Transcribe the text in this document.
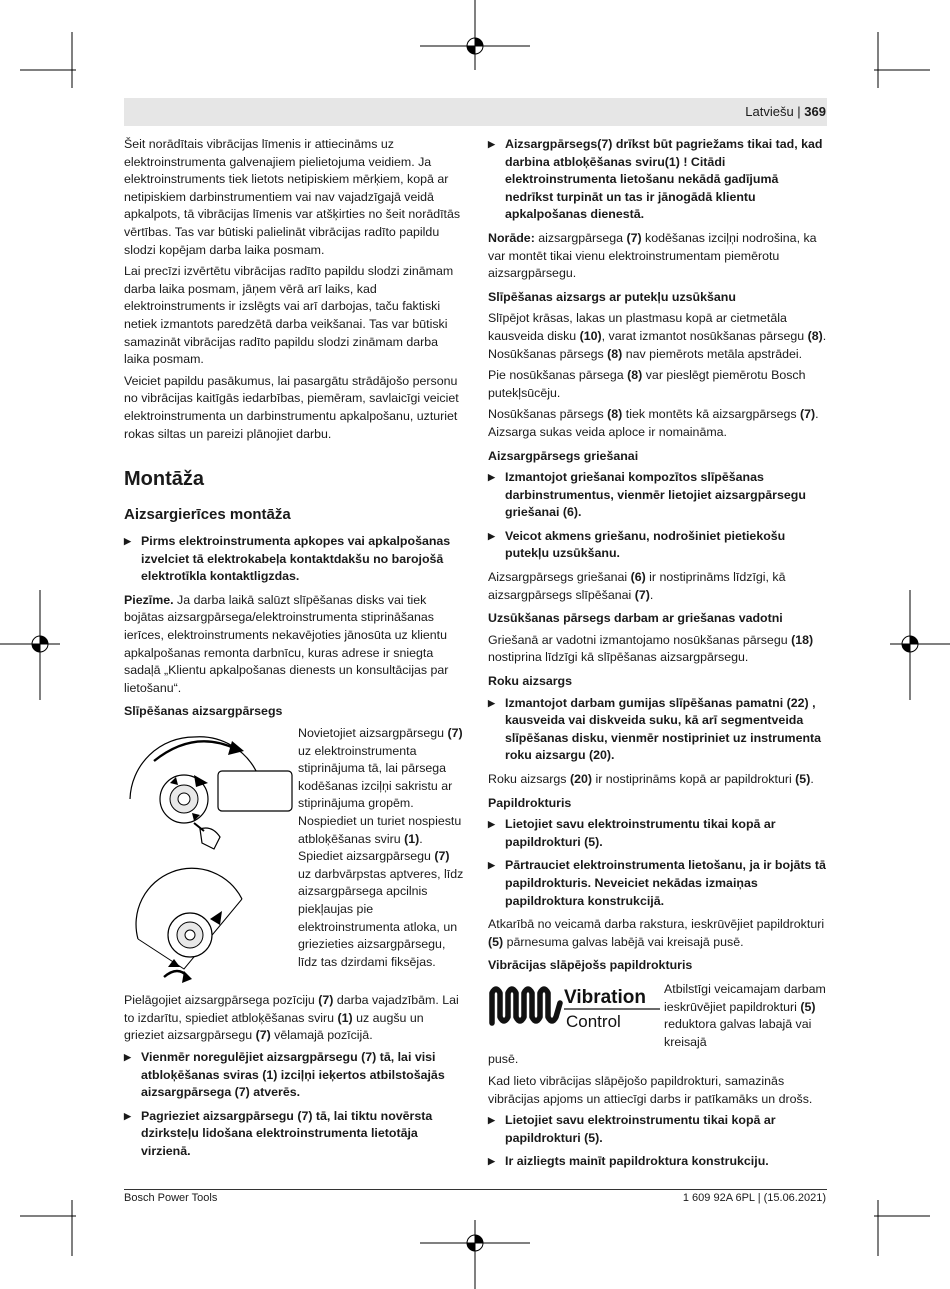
Latviešu | 369

Šeit norādītais vibrācijas līmenis ir attiecināms uz elektroinstrumenta galvenajiem pielietojuma veidiem. Ja elektroinstruments tiek lietots netipiskiem mērķiem, kopā ar netipiskiem darbinstrumentiem vai nav vajadzīgajā veidā apkalpots, tā vibrācijas līmenis var atšķirties no šeit norādītās vērtības. Tas var būtiski palielināt vibrācijas radīto papildu slodzi kopējam darba laika posmam.

Lai precīzi izvērtētu vibrācijas radīto papildu slodzi zināmam darba laika posmam, jāņem vērā arī laiks, kad elektroinstruments ir izslēgts vai arī darbojas, taču faktiski netiek izmantots paredzētā darba veikšanai. Tas var būtiski samazināt vibrācijas radīto papildu slodzi zināmam darba laika posmam.

Veiciet papildu pasākumus, lai pasargātu strādājošo personu no vibrācijas kaitīgās iedarbības, piemēram, savlaicīgi veiciet elektroinstrumenta un darbinstrumentu apkalpošanu, uzturiet rokas siltas un pareizi plānojiet darbu.

Montāža
Aizsargierīces montāža
▶ Pirms elektroinstrumenta apkopes vai apkalpošanas izvelciet tā elektrokabeļa kontaktdakšu no barojošā elektrotīkla kontaktligzdas.

Piezīme. Ja darba laikā salūzt slīpēšanas disks vai tiek bojātas aizsargpārsega/elektroinstrumenta stiprināšanas ierīces, elektroinstruments nekavējoties jānosūta uz klientu apkalpošanas remonta darbnīcu, kuras adrese ir sniegta sadaļā „Klientu apkalpošanas dienests un konsultācijas par lietošanu“.

Slīpēšanas aizsargpārsegs

Novietojiet aizsargpārsegu (7) uz elektroinstrumenta stiprinājuma tā, lai pārsega kodēšanas izciļņi sakristu ar stiprinājuma gropēm. Nospiediet un turiet nospiestu atbloķēšanas sviru (1).
Spiediet aizsargpārsegu (7) uz darbvārpstas aptveres, līdz aizsargpārsega apcilnis piekļaujas pie elektroinstrumenta atloka, un griezieties aizsargpārsegu, līdz tas dzirdami fiksējas.

Pielāgojiet aizsargpārsega pozīciju (7) darba vajadzībām. Lai to izdarītu, spiediet atbloķēšanas sviru (1) uz augšu un grieziet aizsargpārsegu (7) vēlamajā pozīcijā.

▶ Vienmēr noregulējiet aizsargpārsegu (7) tā, lai visi atbloķēšanas sviras (1) izciļņi ieķertos atbilstošajās aizsargpārsega (7) atverēs.
▶ Pagrieziet aizsargpārsegu (7) tā, lai tiktu novērsta dzirksteļu lidošana elektroinstrumenta lietotāja virzienā.
▶ Aizsargpārsegs(7) drīkst būt pagriežams tikai tad, kad darbina atbloķēšanas sviru(1) ! Citādi elektroinstrumenta lietošanu nekādā gadījumā nedrīkst turpināt un tas ir jānogādā klientu apkalpošanas dienestā.

Norāde: aizsargpārsega (7) kodēšanas izciļņi nodrošina, ka var montēt tikai vienu elektroinstrumentam piemērotu aizsargpārsegu.

Slīpēšanas aizsargs ar putekļu uzsūkšanu

Slīpējot krāsas, lakas un plastmasu kopā ar cietmetāla kausveida disku (10), varat izmantot nosūkšanas pārsegu (8). Nosūkšanas pārsegs (8) nav piemērots metāla apstrādei.

Pie nosūkšanas pārsega (8) var pieslēgt piemērotu Bosch putekļsūcēju.

Nosūkšanas pārsegs (8) tiek montēts kā aizsargpārsegs (7). Aizsarga sukas veida aploce ir nomaināma.

Aizsargpārsegs griešanai
▶ Izmantojot griešanai kompozītos slīpēšanas darbinstrumentus, vienmēr lietojiet aizsargpārsegu griešanai (6).
▶ Veicot akmens griešanu, nodrošiniet pietiekošu putekļu uzsūkšanu.

Aizsargpārsegs griešanai (6) ir nostiprināms līdzīgi, kā aizsargpārsegs slīpēšanai (7).

Uzsūkšanas pārsegs darbam ar griešanas vadotni

Griešanā ar vadotni izmantojamo nosūkšanas pārsegu (18) nostiprina līdzīgi kā slīpēšanas aizsargpārsegu.

Roku aizsargs
▶ Izmantojot darbam gumijas slīpēšanas pamatni (22) , kausveida vai diskveida suku, kā arī segmentveida slīpēšanas disku, vienmēr nostipriniet uz instrumenta roku aizsargu (20).

Roku aizsargs (20) ir nostiprināms kopā ar papildrokturi (5).

Papildrokturis
▶ Lietojiet savu elektroinstrumentu tikai kopā ar papildrokturi (5).
▶ Pārtrauciet elektroinstrumenta lietošanu, ja ir bojāts tā papildrokturis. Neveiciet nekādas izmaiņas papildroktura konstrukcijā.

Atkarībā no veicamā darba rakstura, ieskrūvējiet papildrokturi (5) pārnesuma galvas labējā vai kreisajā pusē.

Vibrācijas slāpējošs papildrokturis
Vibration
Control
Atbilstīgi veicamajam darbam ieskrūvējiet papildrokturi (5) reduktora galvas labajā vai kreisajā

pusē.

Kad lieto vibrācijas slāpējošo papildrokturi, samazinās vibrācijas apjoms un attiecīgi darbs ir patīkamāks un drošs.

▶ Lietojiet savu elektroinstrumentu tikai kopā ar papildrokturi (5).
▶ Ir aizliegts mainīt papildroktura konstrukciju.
Bosch Power Tools	1 609 92A 6PL | (15.06.2021)
